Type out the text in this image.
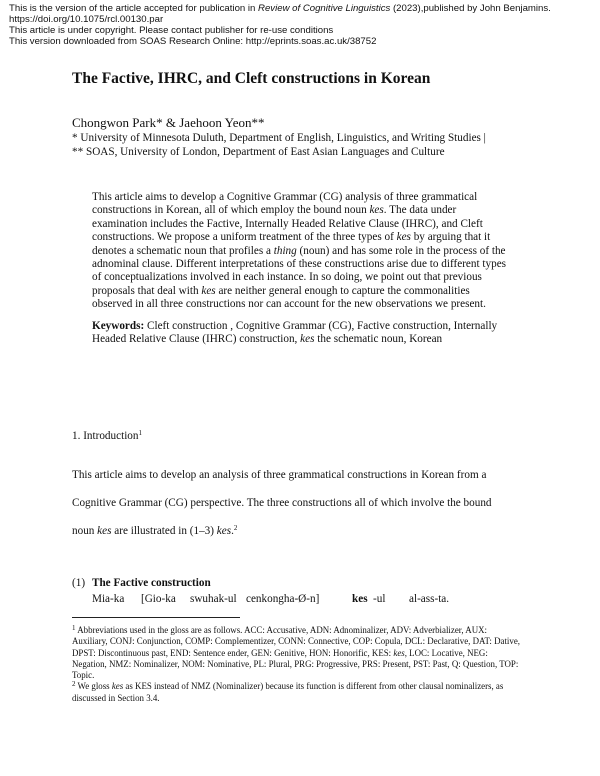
This is the version of the article accepted for publication in Review of Cognitive Linguistics (2023),published by John Benjamins.
https://doi.org/10.1075/rcl.00130.par
This article is under copyright. Please contact publisher for re-use conditions
This version downloaded from SOAS Research Online: http://eprints.soas.ac.uk/38752
The Factive, IHRC, and Cleft constructions in Korean
Chongwon Park* & Jaehoon Yeon**
* University of Minnesota Duluth, Department of English, Linguistics, and Writing Studies |
** SOAS, University of London, Department of East Asian Languages and Culture
This article aims to develop a Cognitive Grammar (CG) analysis of three grammatical constructions in Korean, all of which employ the bound noun kes. The data under examination includes the Factive, Internally Headed Relative Clause (IHRC), and Cleft constructions. We propose a uniform treatment of the three types of kes by arguing that it denotes a schematic noun that profiles a thing (noun) and has some role in the process of the adnominal clause. Different interpretations of these constructions arise due to different types of conceptualizations involved in each instance. In so doing, we point out that previous proposals that deal with kes are neither general enough to capture the commonalities observed in all three constructions nor can account for the new observations we present.
Keywords: Cleft construction , Cognitive Grammar (CG), Factive construction, Internally Headed Relative Clause (IHRC) construction, kes the schematic noun, Korean
1. Introduction$^1$
This article aims to develop an analysis of three grammatical constructions in Korean from a
Cognitive Grammar (CG) perspective. The three constructions all of which involve the bound
noun kes are illustrated in (1–3) kes.$^2$
(1) The Factive construction
Mia-ka [Gio-ka swuhak-ul cenkongha-Ø-n]	kes -ul al-ass-ta.

$^1$ Abbreviations used in the gloss are as follows. ACC: Accusative, ADN: Adnominalizer, ADV: Adverbializer, AUX: Auxiliary, CONJ: Conjunction, COMP: Complementizer, CONN: Connective, COP: Copula, DCL: Declarative, DAT: Dative, DPST: Discontinuous past, END: Sentence ender, GEN: Genitive, HON: Honorific, KES: kes, LOC: Locative, NEG: Negation, NMZ: Nominalizer, NOM: Nominative, PL: Plural, PRG: Progressive, PRS: Present, PST: Past, Q: Question, TOP: Topic.

$^2$ We gloss kes as KES instead of NMZ (Nominalizer) because its function is different from other clausal nominalizers, as discussed in Section 3.4.
